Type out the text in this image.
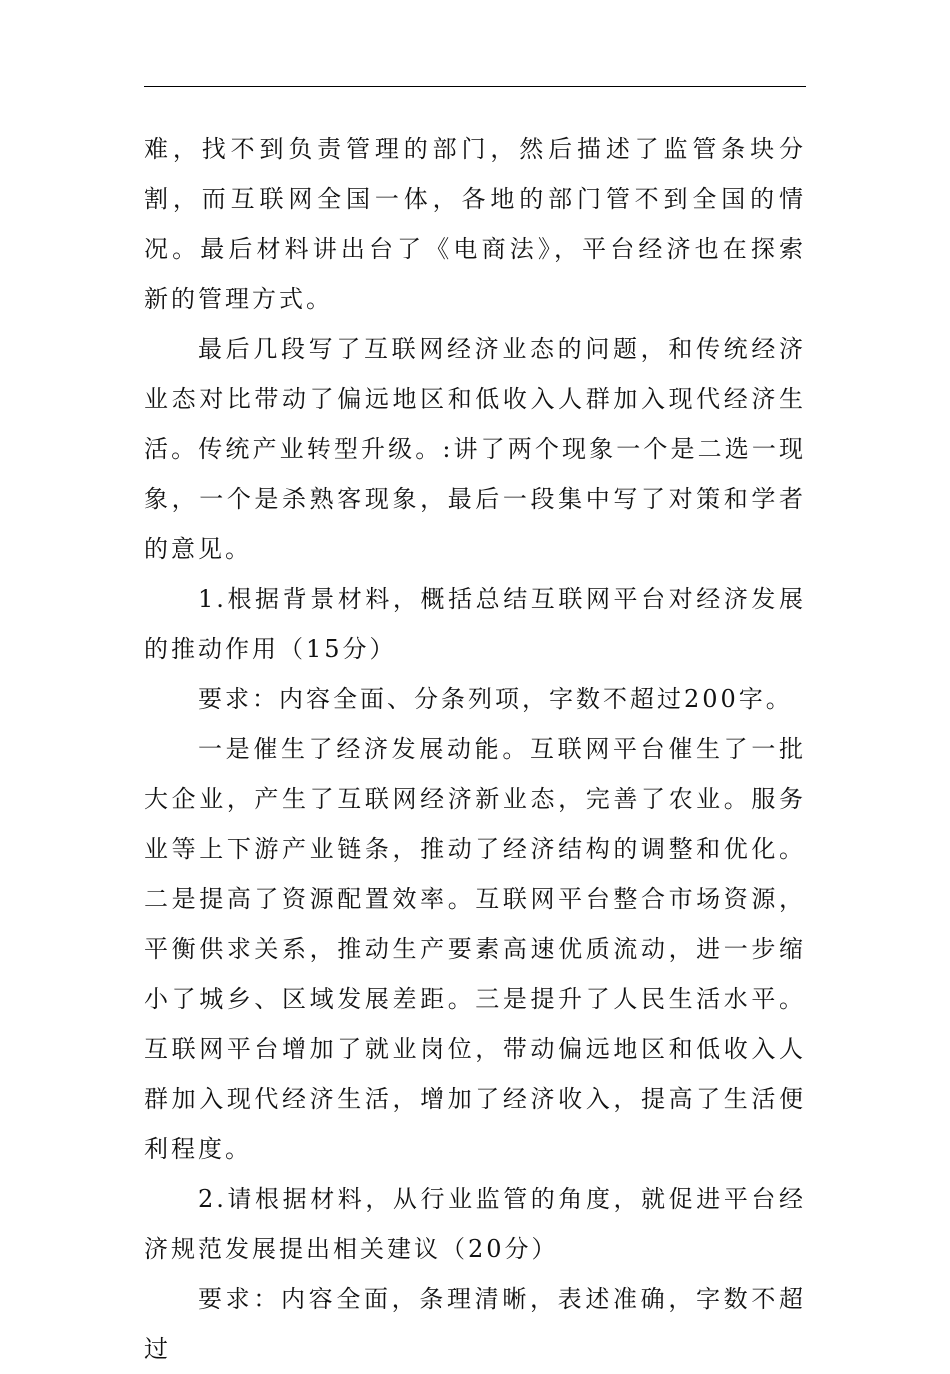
难，找不到负责管理的部门，然后描述了监管条块分割，而互联网全国一体，各地的部门管不到全国的情况。最后材料讲出台了《电商法》，平台经济也在探索新的管理方式。

最后几段写了互联网经济业态的问题，和传统经济业态对比带动了偏远地区和低收入人群加入现代经济生活。传统产业转型升级。:讲了两个现象一个是二选一现象，一个是杀熟客现象，最后一段集中写了对策和学者的意见。

1.根据背景材料，概括总结互联网平台对经济发展的推动作用（15分）

要求：内容全面、分条列项，字数不超过200字。

一是催生了经济发展动能。互联网平台催生了一批大企业，产生了互联网经济新业态，完善了农业。服务业等上下游产业链条，推动了经济结构的调整和优化。二是提高了资源配置效率。互联网平台整合市场资源，平衡供求关系，推动生产要素高速优质流动，进一步缩小了城乡、区域发展差距。三是提升了人民生活水平。互联网平台增加了就业岗位，带动偏远地区和低收入人群加入现代经济生活，增加了经济收入，提高了生活便利程度。

2.请根据材料，从行业监管的角度，就促进平台经济规范发展提出相关建议（20分）

要求：内容全面，条理清晰，表述准确，字数不超过
